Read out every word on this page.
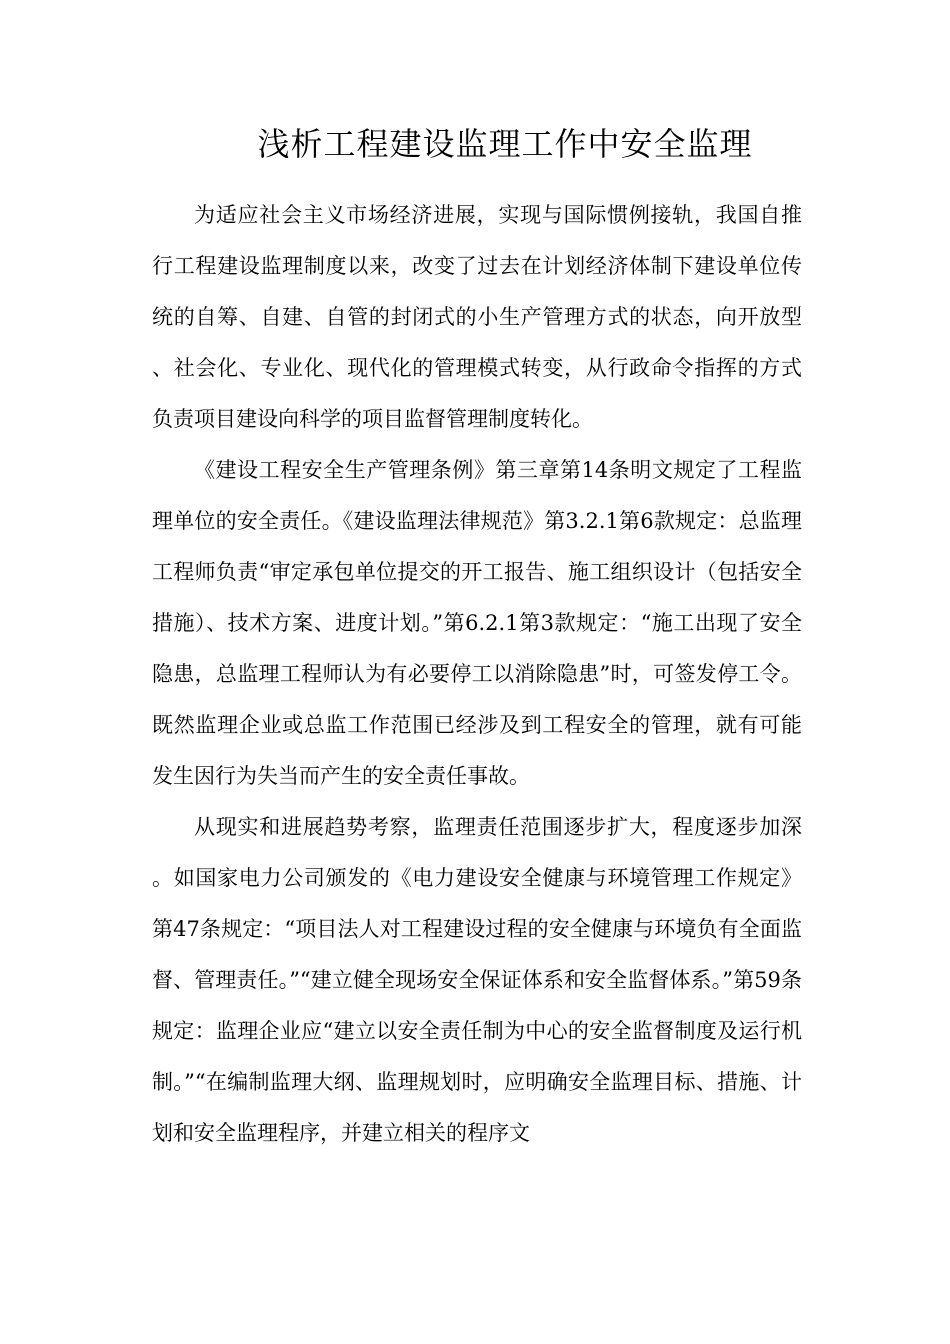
浅析工程建设监理工作中安全监理

为适应社会主义市场经济进展，实现与国际惯例接轨，我国自推行工程建设监理制度以来，改变了过去在计划经济体制下建设单位传统的自筹、自建、自管的封闭式的小生产管理方式的状态，向开放型、社会化、专业化、现代化的管理模式转变，从行政命令指挥的方式负责项目建设向科学的项目监督管理制度转化。

《建设工程安全生产管理条例》第三章第14条明文规定了工程监理单位的安全责任。《建设监理法律规范》第3.2.1第6款规定：总监理工程师负责“审定承包单位提交的开工报告、施工组织设计（包括安全措施）、技术方案、进度计划。”第6.2.1第3款规定：“施工出现了安全隐患，总监理工程师认为有必要停工以消除隐患”时，可签发停工令。既然监理企业或总监工作范围已经涉及到工程安全的管理，就有可能发生因行为失当而产生的安全责任事故。

从现实和进展趋势考察，监理责任范围逐步扩大，程度逐步加深。如国家电力公司颁发的《电力建设安全健康与环境管理工作规定》第47条规定：“项目法人对工程建设过程的安全健康与环境负有全面监督、管理责任。”“建立健全现场安全保证体系和安全监督体系。”第59条规定：监理企业应“建立以安全责任制为中心的安全监督制度及运行机制。”“在编制监理大纲、监理规划时，应明确安全监理目标、措施、计划和安全监理程序，并建立相关的程序文
